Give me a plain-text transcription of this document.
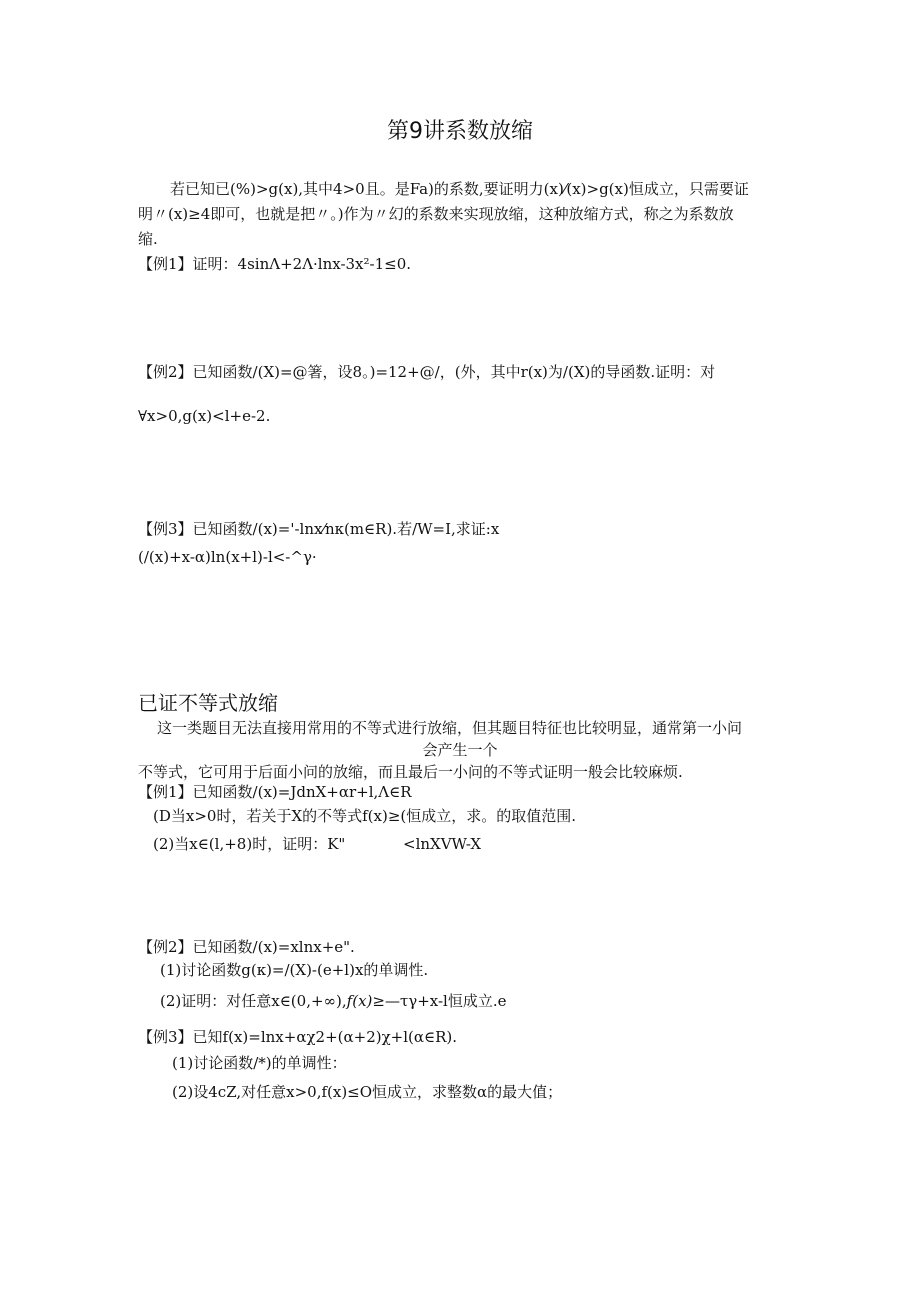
第9讲系数放缩
若已知已(%)>g(x),其中4>0且。是Fa)的系数,要证明力(x)⁄(x)>g(x)恒成立，只需要证
明〃(x)≥4即可，也就是把〃。)作为〃幻的系数来实现放缩，这种放缩方式，称之为系数放
缩.
【例1】证明：4sinΛ+2Λ·lnx-3x²-1≤0.
【例2】已知函数/(X)=@箸，设8。)=12+@/，(外，其中r(x)为/(X)的导函数.证明：对
∀x>0,g(x)<l+e-2.
【例3】已知函数/(x)='-lnx⁄nκ(m∈R).若/W=I,求证:x
(/(x)+x-α)ln(x+l)-l<-^γ·
已证不等式放缩
这一类题目无法直接用常用的不等式进行放缩，但其题目特征也比较明显，通常第一小问
会产生一个
不等式，它可用于后面小问的放缩，而且最后一小问的不等式证明一般会比较麻烦.
【例1】已知函数/(x)=JdnX+αr+l,Λ∈R
(D当x>0时，若关于X的不等式f(x)≥(恒成立，求。的取值范围.
(2)当x∈(l,+8)时，证明：K"	<lnXVW-X
【例2】已知函数/(x)=xlnx+e".
(1)讨论函数g(κ)=/(X)-(e+l)x的单调性.
(2)证明：对任意x∈(0,+∞),f(x)≥—τγ+x-l恒成立.e
【例3】已知f(x)=lnx+αχ2+(α+2)χ+l(α∈R).
(1)讨论函数/*)的单调性：
(2)设4cZ,对任意x>0,f(x)≤O恒成立，求整数α的最大值；
